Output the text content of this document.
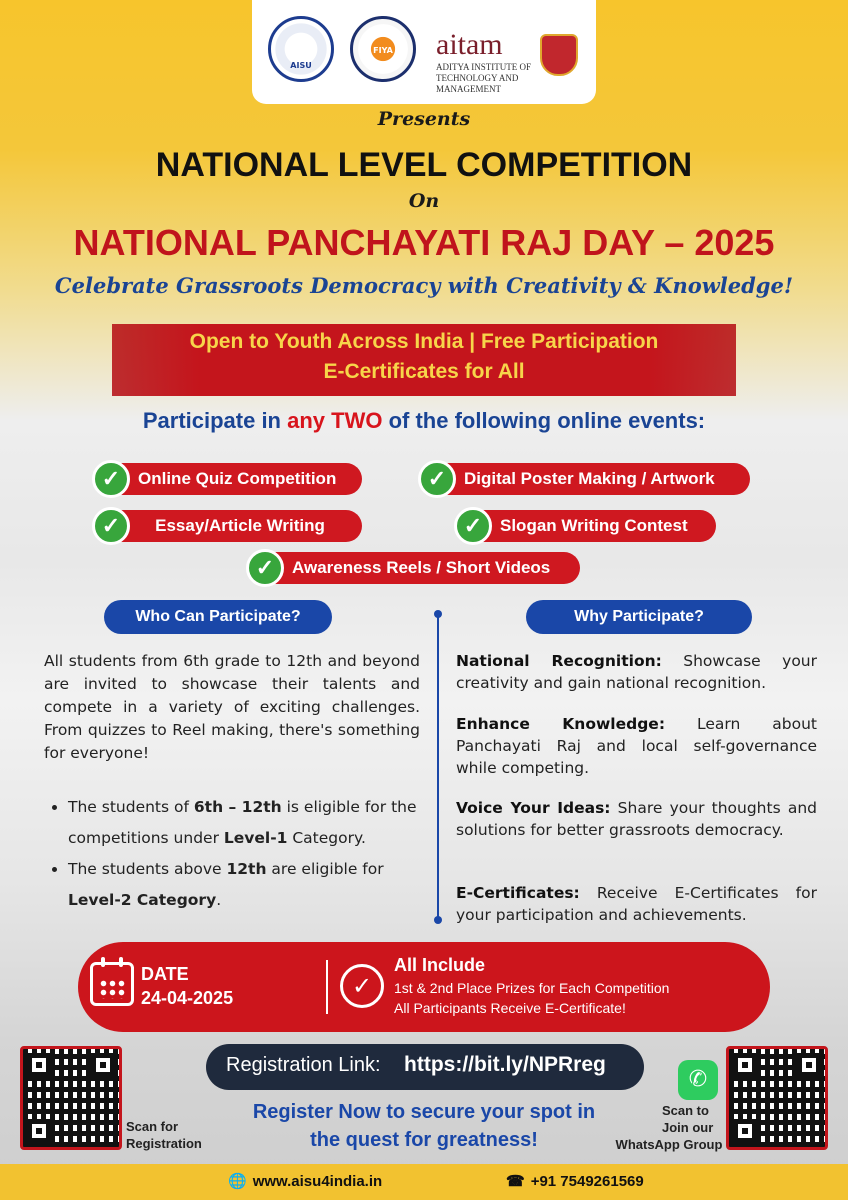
AISU
FIYA	aitam
ADITYA INSTITUTE OF TECHNOLOGY AND MANAGEMENT
Presents
NATIONAL LEVEL COMPETITION
On
NATIONAL PANCHAYATI RAJ DAY – 2025
Celebrate Grassroots Democracy with Creativity & Knowledge!
Open to Youth Across India | Free Participation
E-Certificates for All
Participate in any TWO of the following online events:
✓	Online Quiz Competition	✓	Digital Poster Making / Artwork
✓	Essay/Article Writing	✓	Slogan Writing Contest
✓	Awareness Reels / Short Videos
Who Can Participate?	Why Participate?
All students from 6th grade to 12th and beyond are invited to showcase their talents and compete in a variety of exciting challenges. From quizzes to Reel making, there's something for everyone!
• The students of 6th – 12th is eligible for the competitions under Level-1 Category.
• The students above 12th are eligible for Level-2 Category.
National Recognition: Showcase your creativity and gain national recognition.
Enhance Knowledge: Learn about Panchayati Raj and local self-governance while competing.
Voice Your Ideas: Share your thoughts and solutions for better grassroots democracy.
E-Certificates: Receive E-Certificates for your participation and achievements.
DATE
24-04-2025	✓
All Include
1st & 2nd Place Prizes for Each Competition
All Participants Receive E-Certificate!
Scan for
Registration
Registration Link: https://bit.ly/NPRreg
Register Now to secure your spot in
the quest for greatness!
✆
Scan to
Join our
WhatsApp Group
🌐 www.aisu4india.in	☎ +91 7549261569
